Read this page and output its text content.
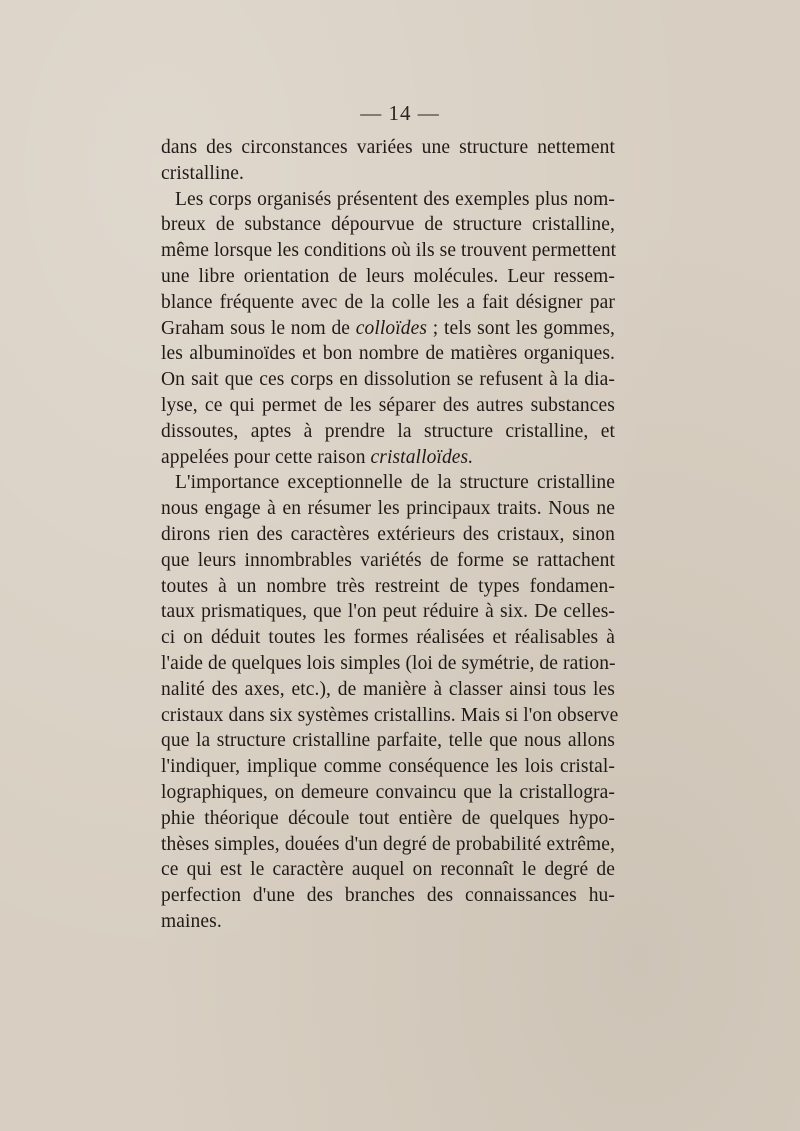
— 14 —
dans des circonstances variées une structure nettement
cristalline.
Les corps organisés présentent des exemples plus nom-
breux de substance dépourvue de structure cristalline,
même lorsque les conditions où ils se trouvent permettent
une libre orientation de leurs molécules. Leur ressem-
blance fréquente avec de la colle les a fait désigner par
Graham sous le nom de colloïdes ; tels sont les gommes,
les albuminoïdes et bon nombre de matières organiques.
On sait que ces corps en dissolution se refusent à la dia-
lyse, ce qui permet de les séparer des autres substances
dissoutes, aptes à prendre la structure cristalline, et
appelées pour cette raison cristalloïdes.
L'importance exceptionnelle de la structure cristalline
nous engage à en résumer les principaux traits. Nous ne
dirons rien des caractères extérieurs des cristaux, sinon
que leurs innombrables variétés de forme se rattachent
toutes à un nombre très restreint de types fondamen-
taux prismatiques, que l'on peut réduire à six. De celles-
ci on déduit toutes les formes réalisées et réalisables à
l'aide de quelques lois simples (loi de symétrie, de ration-
nalité des axes, etc.), de manière à classer ainsi tous les
cristaux dans six systèmes cristallins. Mais si l'on observe
que la structure cristalline parfaite, telle que nous allons
l'indiquer, implique comme conséquence les lois cristal-
lographiques, on demeure convaincu que la cristallogra-
phie théorique découle tout entière de quelques hypo-
thèses simples, douées d'un degré de probabilité extrême,
ce qui est le caractère auquel on reconnaît le degré de
perfection d'une des branches des connaissances hu-
maines.
